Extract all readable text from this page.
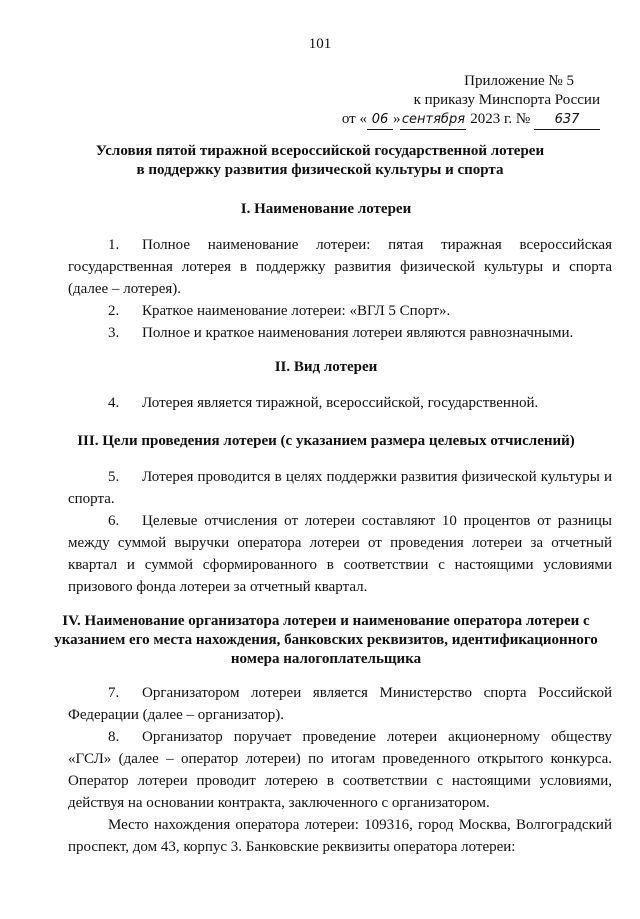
101
Приложение № 5
к приказу Минспорта России
от « 06 »сентября 2023 г. № 637
Условия пятой тиражной всероссийской государственной лотереи
в поддержку развития физической культуры и спорта
I. Наименование лотереи

1. Полное наименование лотереи: пятая тиражная всероссийская государственная лотерея в поддержку развития физической культуры и спорта (далее – лотерея).

2. Краткое наименование лотереи: «ВГЛ 5 Спорт».

3. Полное и краткое наименования лотереи являются равнозначными.

II. Вид лотереи

4. Лотерея является тиражной, всероссийской, государственной.

III. Цели проведения лотереи (с указанием размера целевых отчислений)

5. Лотерея проводится в целях поддержки развития физической культуры и спорта.

6. Целевые отчисления от лотереи составляют 10 процентов от разницы между суммой выручки оператора лотереи от проведения лотереи за отчетный квартал и суммой сформированного в соответствии с настоящими условиями призового фонда лотереи за отчетный квартал.

IV. Наименование организатора лотереи и наименование оператора лотереи с
указанием его места нахождения, банковских реквизитов, идентификационного
номера налогоплательщика

7. Организатором лотереи является Министерство спорта Российской Федерации (далее – организатор).

8. Организатор поручает проведение лотереи акционерному обществу «ГСЛ» (далее – оператор лотереи) по итогам проведенного открытого конкурса. Оператор лотереи проводит лотерею в соответствии с настоящими условиями, действуя на основании контракта, заключенного с организатором.

Место нахождения оператора лотереи: 109316, город Москва, Волгоградский проспект, дом 43, корпус 3. Банковские реквизиты оператора лотереи:
